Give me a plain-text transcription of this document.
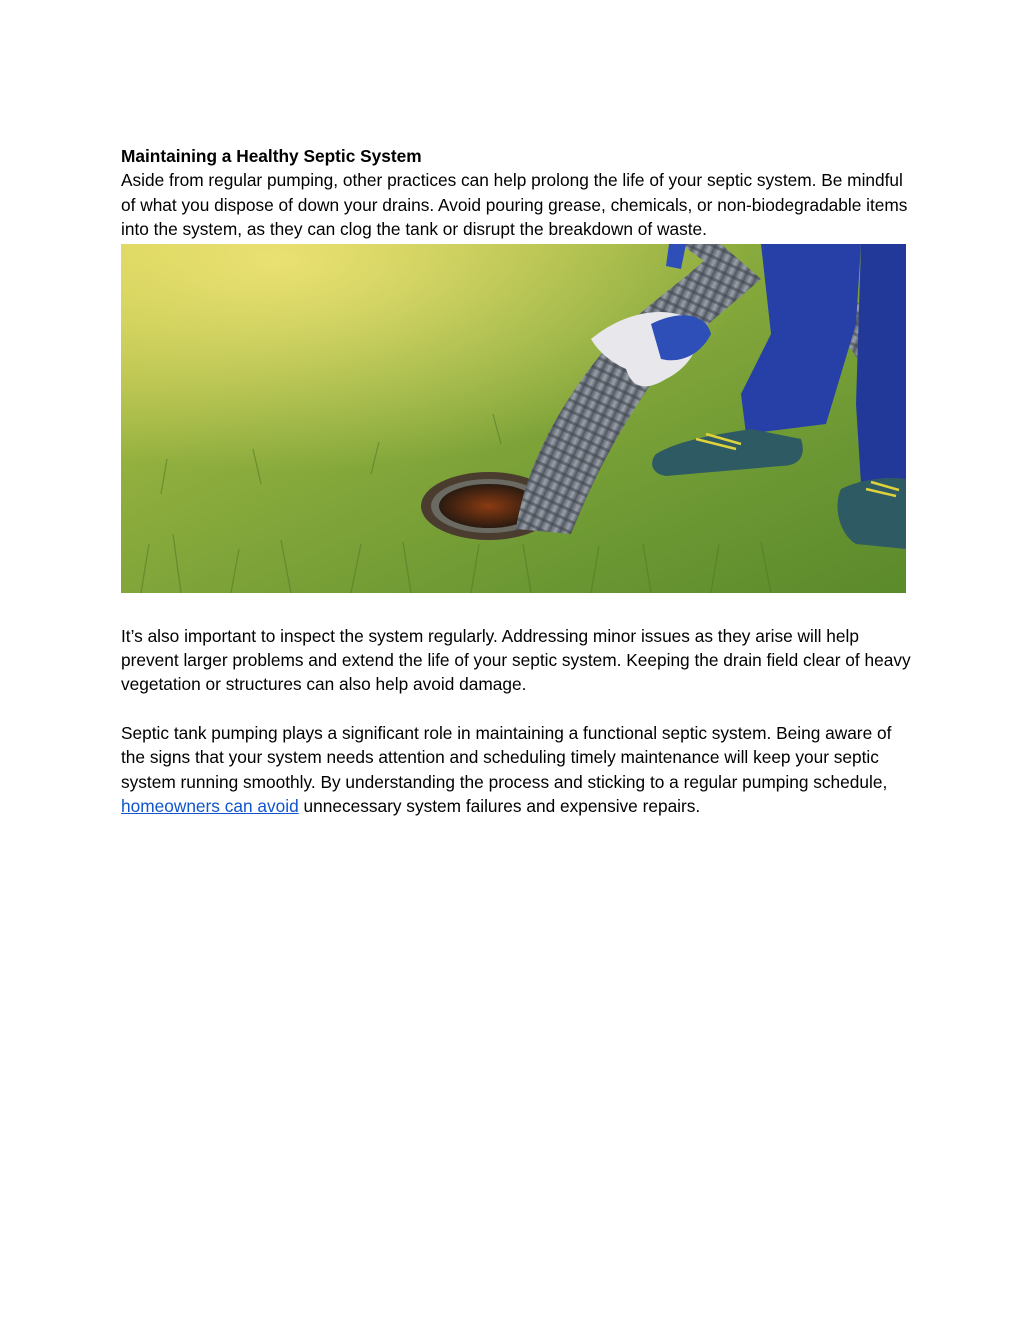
Maintaining a Healthy Septic System

Aside from regular pumping, other practices can help prolong the life of your septic system. Be mindful of what you dispose of down your drains. Avoid pouring grease, chemicals, or non-biodegradable items into the system, as they can clog the tank or disrupt the breakdown of waste.

It’s also important to inspect the system regularly. Addressing minor issues as they arise will help prevent larger problems and extend the life of your septic system. Keeping the drain field clear of heavy vegetation or structures can also help avoid damage.

Septic tank pumping plays a significant role in maintaining a functional septic system. Being aware of the signs that your system needs attention and scheduling timely maintenance will keep your septic system running smoothly. By understanding the process and sticking to a regular pumping schedule, homeowners can avoid unnecessary system failures and expensive repairs.
